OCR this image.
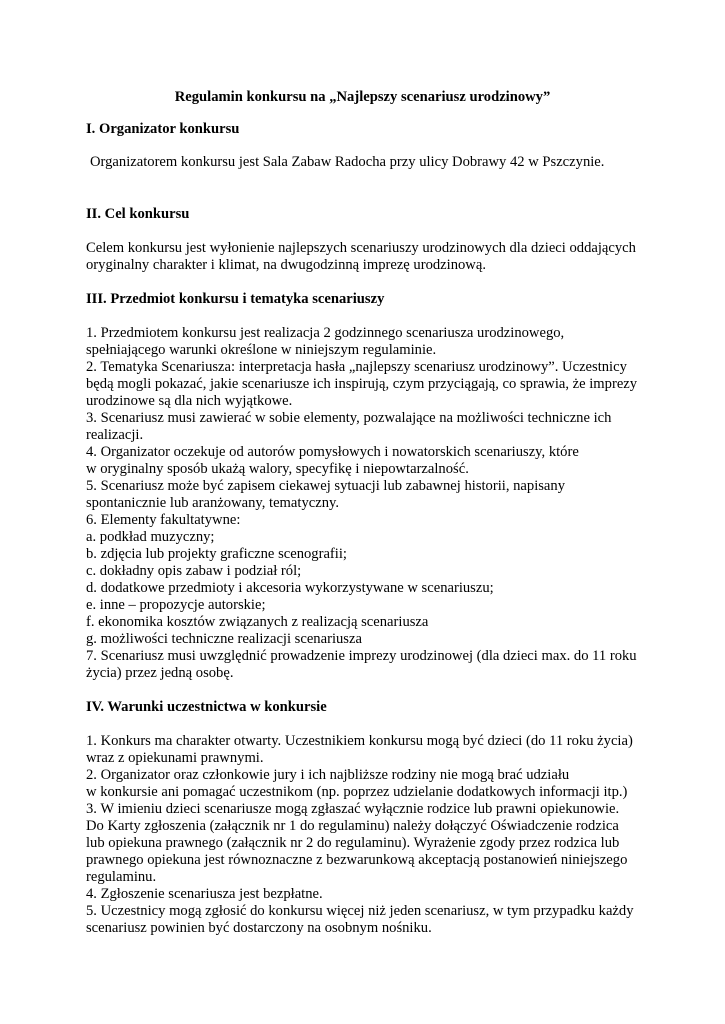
Regulamin konkursu na „Najlepszy scenariusz urodzinowy”
I. Organizator konkursu
Organizatorem konkursu jest Sala Zabaw Radocha przy ulicy Dobrawy 42 w Pszczynie.
II. Cel konkursu
Celem konkursu jest wyłonienie najlepszych scenariuszy urodzinowych dla dzieci oddających
oryginalny charakter i klimat, na dwugodzinną imprezę urodzinową.
III. Przedmiot konkursu i tematyka scenariuszy
1. Przedmiotem konkursu jest realizacja 2 godzinnego scenariusza urodzinowego,
spełniającego warunki określone w niniejszym regulaminie.
2. Tematyka Scenariusza: interpretacja hasła „najlepszy scenariusz urodzinowy”. Uczestnicy
będą mogli pokazać, jakie scenariusze ich inspirują, czym przyciągają, co sprawia, że imprezy
urodzinowe są dla nich wyjątkowe.
3. Scenariusz musi zawierać w sobie elementy, pozwalające na możliwości techniczne ich
realizacji.
4. Organizator oczekuje od autorów pomysłowych i nowatorskich scenariuszy, które
w oryginalny sposób ukażą walory, specyfikę i niepowtarzalność.
5. Scenariusz może być zapisem ciekawej sytuacji lub zabawnej historii, napisany
spontanicznie lub aranżowany, tematyczny.
6. Elementy fakultatywne:
a. podkład muzyczny;
b. zdjęcia lub projekty graficzne scenografii;
c. dokładny opis zabaw i podział ról;
d. dodatkowe przedmioty i akcesoria wykorzystywane w scenariuszu;
e. inne – propozycje autorskie;
f. ekonomika kosztów związanych z realizacją scenariusza
g. możliwości techniczne realizacji scenariusza
7. Scenariusz musi uwzględnić prowadzenie imprezy urodzinowej (dla dzieci max. do 11 roku
życia) przez jedną osobę.
IV. Warunki uczestnictwa w konkursie
1. Konkurs ma charakter otwarty. Uczestnikiem konkursu mogą być dzieci (do 11 roku życia)
wraz z opiekunami prawnymi.
2. Organizator oraz członkowie jury i ich najbliższe rodziny nie mogą brać udziału
w konkursie ani pomagać uczestnikom (np. poprzez udzielanie dodatkowych informacji itp.)
3. W imieniu dzieci scenariusze mogą zgłaszać wyłącznie rodzice lub prawni opiekunowie.
Do Karty zgłoszenia (załącznik nr 1 do regulaminu) należy dołączyć Oświadczenie rodzica
lub opiekuna prawnego (załącznik nr 2 do regulaminu). Wyrażenie zgody przez rodzica lub
prawnego opiekuna jest równoznaczne z bezwarunkową akceptacją postanowień niniejszego
regulaminu.
4. Zgłoszenie scenariusza jest bezpłatne.
5. Uczestnicy mogą zgłosić do konkursu więcej niż jeden scenariusz, w tym przypadku każdy
scenariusz powinien być dostarczony na osobnym nośniku.
